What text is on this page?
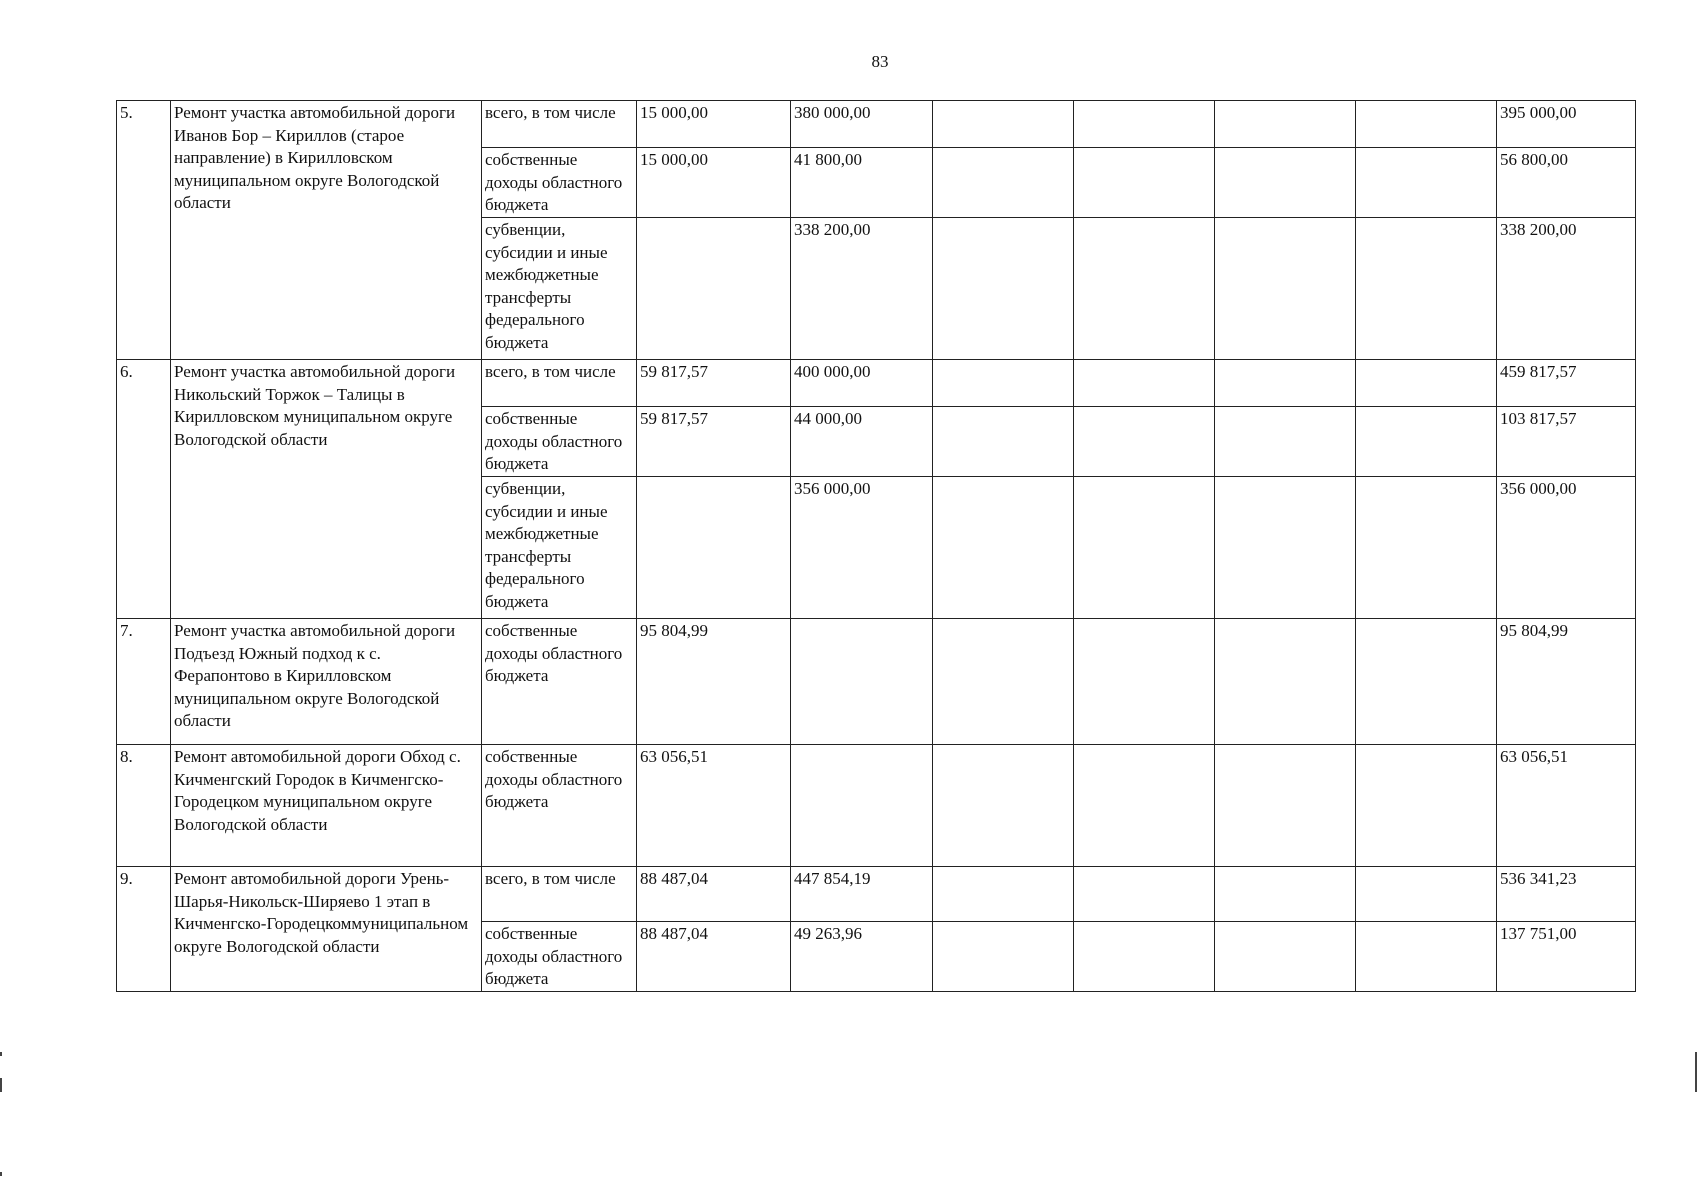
83
5.	Ремонт участка автомобильной дороги Иванов Бор – Кириллов (старое направление) в Кирилловском муниципальном округе Вологодской области	всего, в том числе	15 000,00	380 000,00					395 000,00
		собственные доходы областного бюджета	15 000,00	41 800,00					56 800,00
		субвенции, субсидии и иные межбюджетные трансферты федерального бюджета		338 200,00					338 200,00
6.	Ремонт участка автомобильной дороги Никольский Торжок – Талицы в Кирилловском муниципальном округе Вологодской области	всего, в том числе	59 817,57	400 000,00					459 817,57
		собственные доходы областного бюджета	59 817,57	44 000,00					103 817,57
		субвенции, субсидии и иные межбюджетные трансферты федерального бюджета		356 000,00					356 000,00
7.	Ремонт участка автомобильной дороги Подъезд Южный подход к с. Ферапонтово в Кирилловском муниципальном округе Вологодской области	собственные доходы областного бюджета	95 804,99						95 804,99
8.	Ремонт автомобильной дороги Обход с. Кичменгский Городок в Кичменгско-Городецком муниципальном округе Вологодской области	собственные доходы областного бюджета	63 056,51						63 056,51
9.	Ремонт автомобильной дороги Урень-Шарья-Никольск-Ширяево 1 этап в Кичменгско-Городецкоммуниципальном округе Вологодской области	всего, в том числе	88 487,04	447 854,19					536 341,23
		собственные доходы областного бюджета	88 487,04	49 263,96					137 751,00
